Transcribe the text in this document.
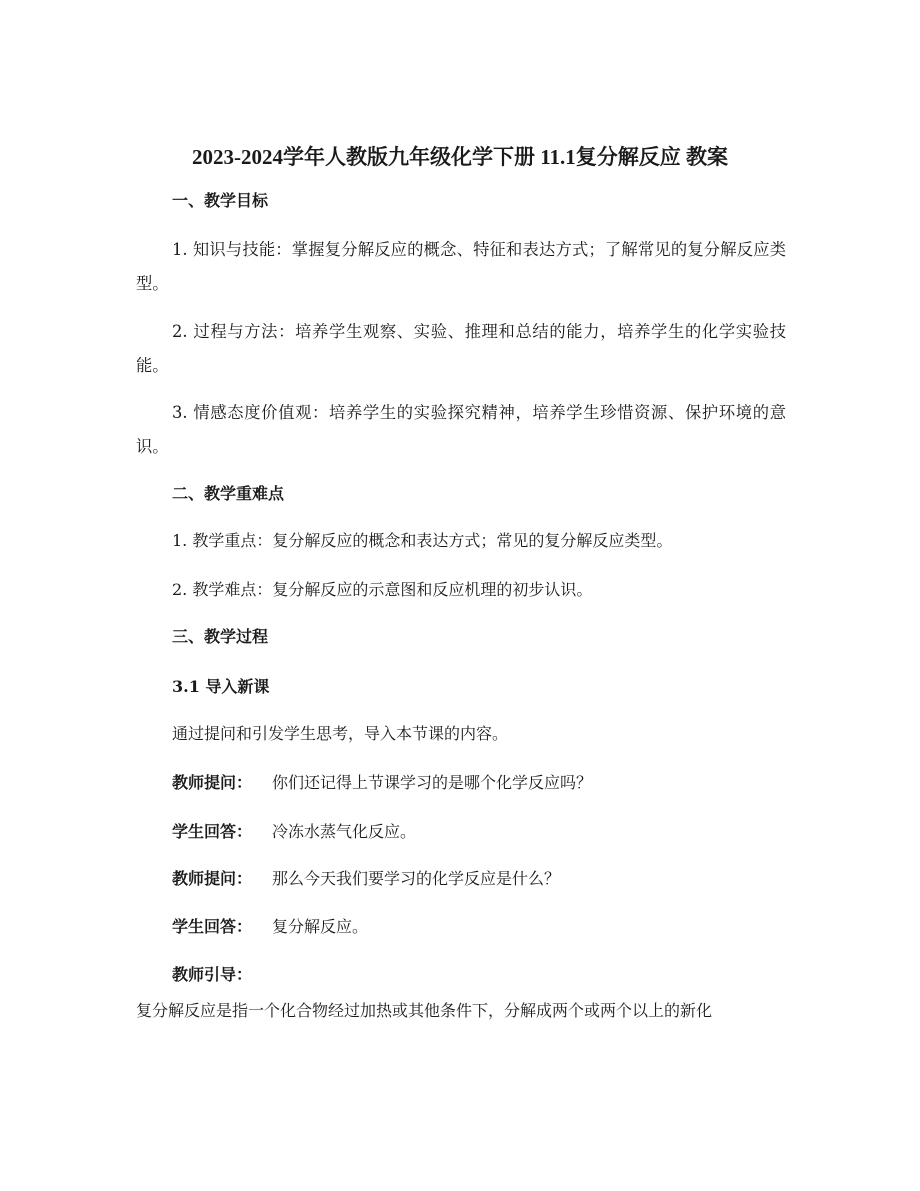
2023-2024学年人教版九年级化学下册 11.1复分解反应 教案
一、教学目标

1. 知识与技能：掌握复分解反应的概念、特征和表达方式；了解常见的复分解反应类型。

2. 过程与方法：培养学生观察、实验、推理和总结的能力，培养学生的化学实验技能。

3. 情感态度价值观：培养学生的实验探究精神，培养学生珍惜资源、保护环境的意识。

二、教学重难点
1. 教学重点：复分解反应的概念和表达方式；常见的复分解反应类型。
2. 教学难点：复分解反应的示意图和反应机理的初步认识。
三、教学过程
3.1 导入新课
通过提问和引发学生思考，导入本节课的内容。
教师提问： 你们还记得上节课学习的是哪个化学反应吗？
学生回答： 冷冻水蒸气化反应。
教师提问： 那么今天我们要学习的化学反应是什么？
学生回答： 复分解反应。
教师引导：
复分解反应是指一个化合物经过加热或其他条件下，分解成两个或两个以上的新化
